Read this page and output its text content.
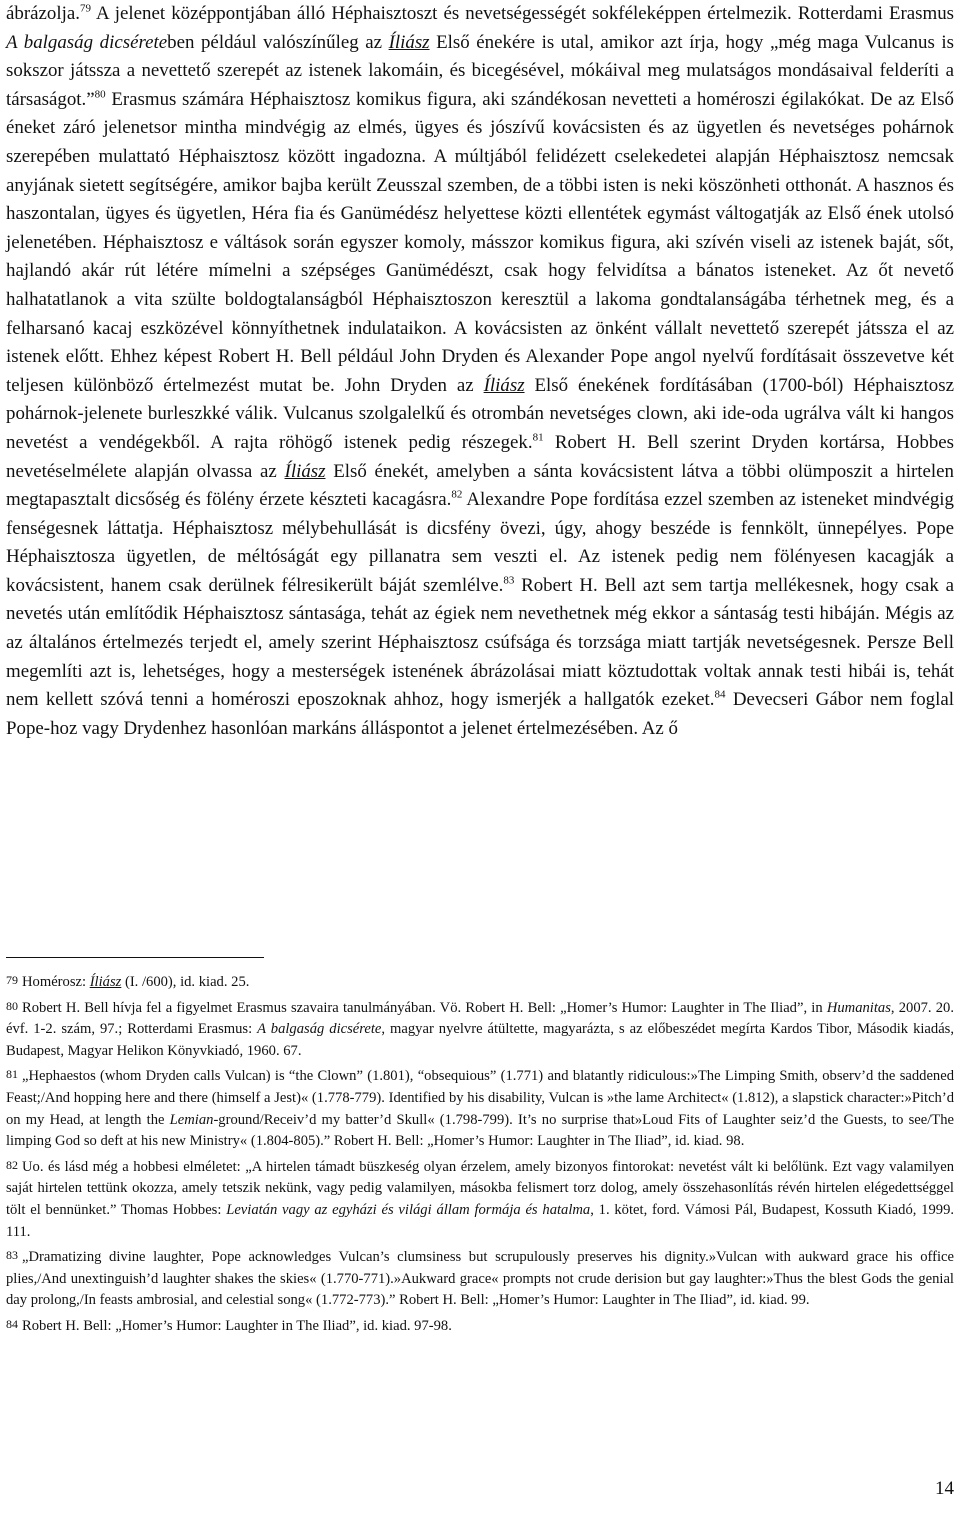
ábrázolja.$^{79}$ A jelenet középpontjában álló Héphaisztoszt és nevetségességét sokféleképpen értelmezik. Rotterdami Erasmus A balgaság dicséreteben például valószínűleg az Íliász Első énekére is utal, amikor azt írja, hogy „még maga Vulcanus is sokszor játssza a nevettető szerepét az istenek lakomáin, és bicegésével, mókáival meg mulatságos mondásaival felderíti a társaságot.”$^{80}$ Erasmus számára Héphaisztosz komikus figura, aki szándékosan nevetteti a homéroszi égilakókat. De az Első éneket záró jelenetsor mintha mindvégig az elmés, ügyes és jószívű kovácsisten és az ügyetlen és nevetséges pohárnok szerepében mulattató Héphaisztosz között ingadozna. A múltjából felidézett cselekedetei alapján Héphaisztosz nemcsak anyjának sietett segítségére, amikor bajba került Zeusszal szemben, de a többi isten is neki köszönheti otthonát. A hasznos és haszontalan, ügyes és ügyetlen, Héra fia és Ganümédész helyettese közti ellentétek egymást váltogatják az Első ének utolsó jelenetében. Héphaisztosz e váltások során egyszer komoly, másszor komikus figura, aki szívén viseli az istenek baját, sőt, hajlandó akár rút létére mímelni a szépséges Ganümédészt, csak hogy felvidítsa a bánatos isteneket. Az őt nevető halhatatlanok a vita szülte boldogtalanságból Héphaisztoszon keresztül a lakoma gondtalanságába térhetnek meg, és a felharsanó kacaj eszközével könnyíthetnek indulataikon. A kovácsisten az önként vállalt nevettető szerepét játssza el az istenek előtt. Ehhez képest Robert H. Bell például John Dryden és Alexander Pope angol nyelvű fordításait összevetve két teljesen különböző értelmezést mutat be. John Dryden az Íliász Első énekének fordításában (1700-ból) Héphaisztosz pohárnok-jelenete burleszkké válik. Vulcanus szolgalelkű és otrombán nevetséges clown, aki ide-oda ugrálva vált ki hangos nevetést a vendégekből. A rajta röhögő istenek pedig részegek.$^{81}$ Robert H. Bell szerint Dryden kortársa, Hobbes nevetéselmélete alapján olvassa az Íliász Első énekét, amelyben a sánta kovácsistent látva a többi olümposzit a hirtelen megtapasztalt dicsőség és fölény érzete készteti kacagásra.$^{82}$ Alexandre Pope fordítása ezzel szemben az isteneket mindvégig fenségesnek láttatja. Héphaisztosz mélybehullását is dicsfény övezi, úgy, ahogy beszéde is fennkölt, ünnepélyes. Pope Héphaisztosza ügyetlen, de méltóságát egy pillanatra sem veszti el. Az istenek pedig nem fölényesen kacagják a kovácsistent, hanem csak derülnek félresikerült báját szemlélve.$^{83}$ Robert H. Bell azt sem tartja mellékesnek, hogy csak a nevetés után említődik Héphaisztosz sántasága, tehát az égiek nem nevethetnek még ekkor a sántaság testi hibáján. Mégis az az általános értelmezés terjedt el, amely szerint Héphaisztosz csúfsága és torzsága miatt tartják nevetségesnek. Persze Bell megemlíti azt is, lehetséges, hogy a mesterségek istenének ábrázolásai miatt köztudottak voltak annak testi hibái is, tehát nem kellett szóvá tenni a homéroszi eposzoknak ahhoz, hogy ismerjék a hallgatók ezeket.$^{84}$ Devecseri Gábor nem foglal Pope-hoz vagy Drydenhez hasonlóan markáns álláspontot a jelenet értelmezésében. Az ő

79 Homérosz: Íliász (I. /600), id. kiad. 25.

80 Robert H. Bell hívja fel a figyelmet Erasmus szavaira tanulmányában. Vö. Robert H. Bell: „Homer’s Humor: Laughter in The Iliad”, in Humanitas, 2007. 20. évf. 1-2. szám, 97.; Rotterdami Erasmus: A balgaság dicsérete, magyar nyelvre átültette, magyarázta, s az előbeszédet megírta Kardos Tibor, Második kiadás, Budapest, Magyar Helikon Könyvkiadó, 1960. 67.

81 „Hephaestos (whom Dryden calls Vulcan) is “the Clown” (1.801), “obsequious” (1.771) and blatantly ridiculous:»The Limping Smith, observ’d the saddened Feast;/And hopping here and there (himself a Jest)« (1.778-779). Identified by his disability, Vulcan is »the lame Architect« (1.812), a slapstick character:»Pitch’d on my Head, at length the Lemian-ground/Receiv’d my batter’d Skull« (1.798-799). It’s no surprise that»Loud Fits of Laughter seiz’d the Guests, to see/The limping God so deft at his new Ministry« (1.804-805).” Robert H. Bell: „Homer’s Humor: Laughter in The Iliad”, id. kiad. 98.

82 Uo. és lásd még a hobbesi elméletet: „A hirtelen támadt büszkeség olyan érzelem, amely bizonyos fintorokat: nevetést vált ki belőlünk. Ezt vagy valamilyen saját hirtelen tettünk okozza, amely tetszik nekünk, vagy pedig valamilyen, másokba felismert torz dolog, amely összehasonlítás révén hirtelen elégedettséggel tölt el bennünket.” Thomas Hobbes: Leviatán vagy az egyházi és világi állam formája és hatalma, 1. kötet, ford. Vámosi Pál, Budapest, Kossuth Kiadó, 1999. 111.

83 „Dramatizing divine laughter, Pope acknowledges Vulcan’s clumsiness but scrupulously preserves his dignity.»Vulcan with aukward grace his office plies,/And unextinguish’d laughter shakes the skies« (1.770-771).»Aukward grace« prompts not crude derision but gay laughter:»Thus the blest Gods the genial day prolong,/In feasts ambrosial, and celestial song« (1.772-773).” Robert H. Bell: „Homer’s Humor: Laughter in The Iliad”, id. kiad. 99.

84 Robert H. Bell: „Homer’s Humor: Laughter in The Iliad”, id. kiad. 97-98.

14
